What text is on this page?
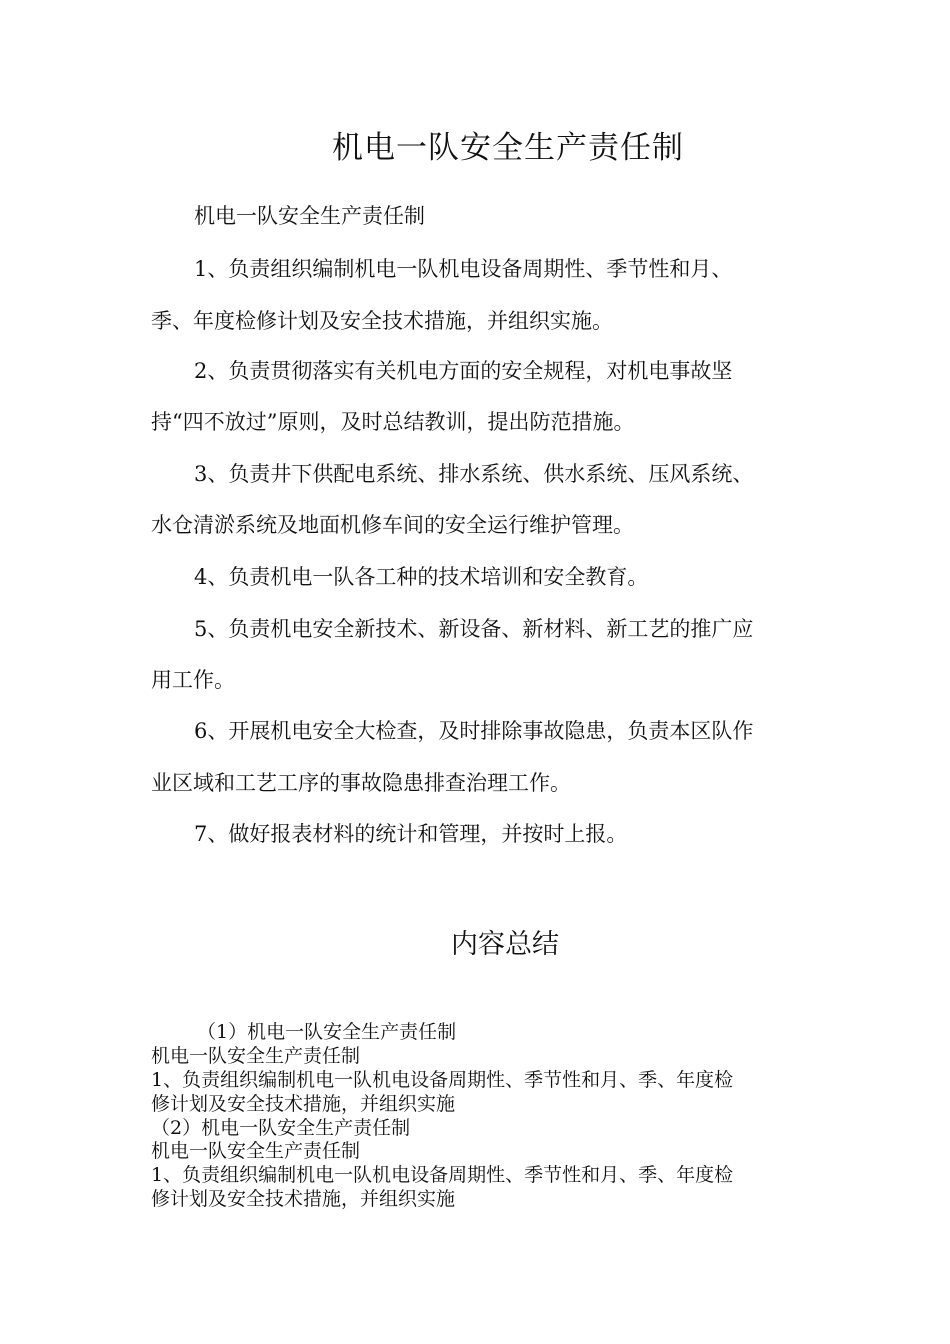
机电一队安全生产责任制
机电一队安全生产责任制
1、负责组织编制机电一队机电设备周期性、季节性和月、
季、年度检修计划及安全技术措施，并组织实施。
2、负责贯彻落实有关机电方面的安全规程，对机电事故坚
持“四不放过”原则，及时总结教训，提出防范措施。
3、负责井下供配电系统、排水系统、供水系统、压风系统、
水仓清淤系统及地面机修车间的安全运行维护管理。
4、负责机电一队各工种的技术培训和安全教育。
5、负责机电安全新技术、新设备、新材料、新工艺的推广应
用工作。
6、开展机电安全大检查，及时排除事故隐患，负责本区队作
业区域和工艺工序的事故隐患排查治理工作。
7、做好报表材料的统计和管理，并按时上报。
内容总结
（1）机电一队安全生产责任制
机电一队安全生产责任制
1、负责组织编制机电一队机电设备周期性、季节性和月、季、年度检
修计划及安全技术措施，并组织实施
（2）机电一队安全生产责任制
机电一队安全生产责任制
1、负责组织编制机电一队机电设备周期性、季节性和月、季、年度检
修计划及安全技术措施，并组织实施
